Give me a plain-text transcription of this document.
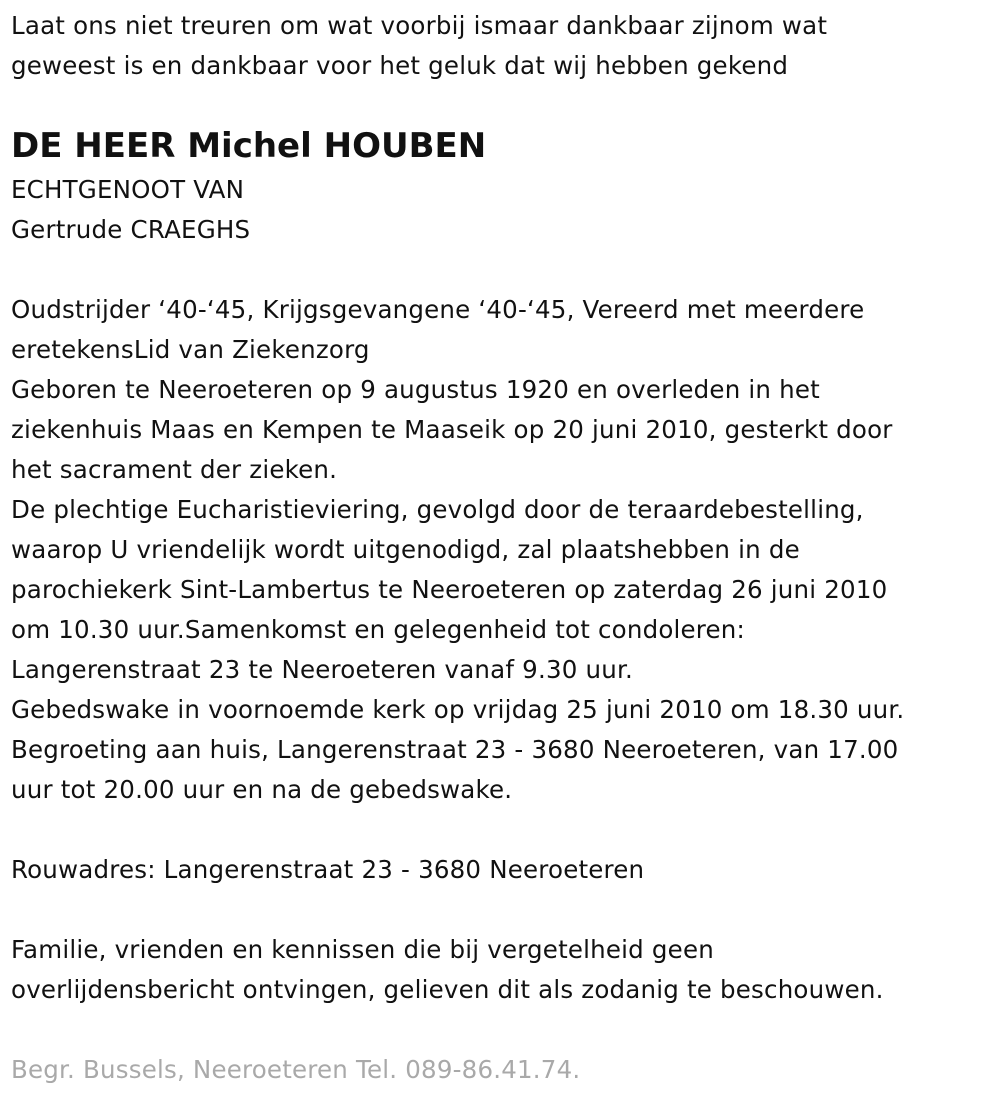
Laat ons niet treuren om wat voorbij ismaar dankbaar zijnom wat
geweest is en dankbaar voor het geluk dat wij hebben gekend
DE HEER Michel HOUBEN
ECHTGENOOT VAN
Gertrude CRAEGHS
Oudstrijder ‘40-‘45, Krijgsgevangene ‘40-‘45, Vereerd met meerdere
eretekensLid van Ziekenzorg
Geboren te Neeroeteren op 9 augustus 1920 en overleden in het
ziekenhuis Maas en Kempen te Maaseik op 20 juni 2010, gesterkt door
het sacrament der zieken.
De plechtige Eucharistieviering, gevolgd door de teraardebestelling,
waarop U vriendelijk wordt uitgenodigd, zal plaatshebben in de
parochiekerk Sint-Lambertus te Neeroeteren op zaterdag 26 juni 2010
om 10.30 uur.Samenkomst en gelegenheid tot condoleren:
Langerenstraat 23 te Neeroeteren vanaf 9.30 uur.
Gebedswake in voornoemde kerk op vrijdag 25 juni 2010 om 18.30 uur.
Begroeting aan huis, Langerenstraat 23 - 3680 Neeroeteren, van 17.00
uur tot 20.00 uur en na de gebedswake.
Rouwadres: Langerenstraat 23 - 3680 Neeroeteren
Familie, vrienden en kennissen die bij vergetelheid geen
overlijdensbericht ontvingen, gelieven dit als zodanig te beschouwen.
Begr. Bussels, Neeroeteren Tel. 089-86.41.74.
